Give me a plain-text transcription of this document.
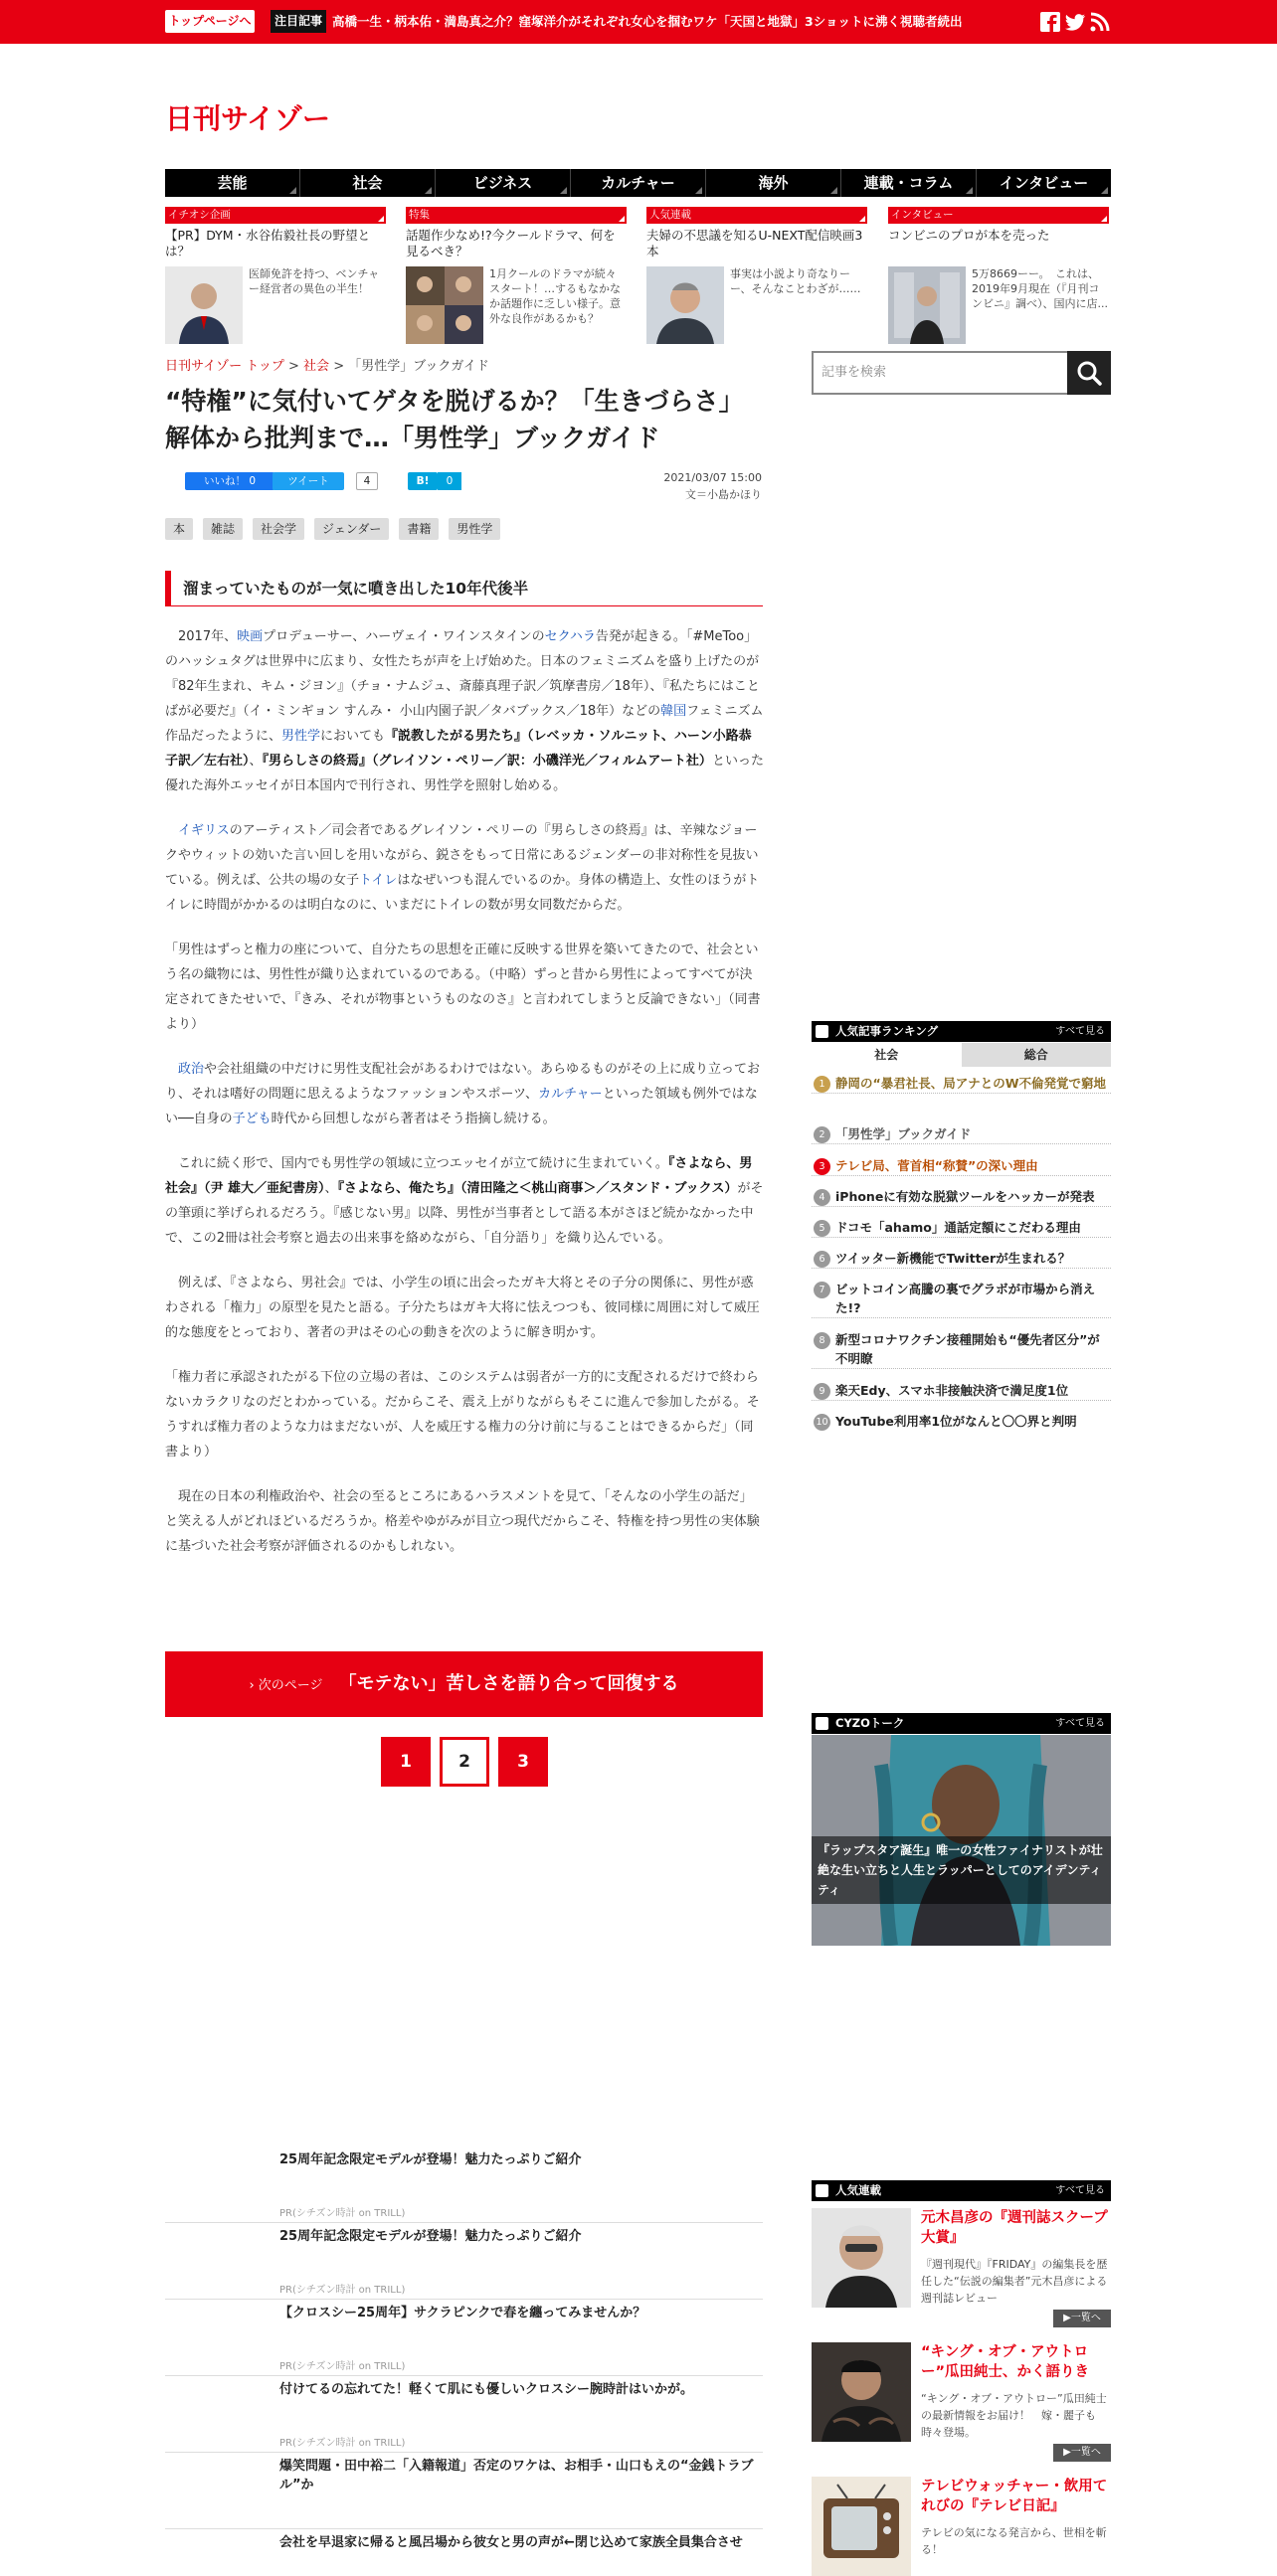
トップページへ	注目記事 高橋一生・柄本佑・満島真之介？窪塚洋介がそれぞれ女心を掴むワケ「天国と地獄」3ショットに沸く視聴者続出
日刊サイゾー
芸能	社会	ビジネス	カルチャー	海外	連載・コラム	インタビュー
イチオシ企画
【PR】DYM・水谷佑毅社長の野望とは？
医師免許を持つ、ベンチャー経営者の異色の半生！
特集
話題作少なめ!?今クールドラマ、何を見るべき？
1月クールのドラマが続々スタート！…するもなかなか話題作に乏しい様子。意外な良作があるかも？
人気連載
夫婦の不思議を知るU-NEXT配信映画3本
事実は小説より奇なりーー、そんなことわざが……
インタビュー
コンビニのプロが本を売った
5万8669ーー。　これは、2019年9月現在（『月刊コンビニ』調べ）、国内に店...
日刊サイゾー トップ > 社会 > 「男性学」ブックガイド
“特権”に気付いてゲタを脱げるか？「生きづらさ」解体から批判まで…「男性学」ブックガイド
いいね！ 0	ツイート	4	B!	0	2021/03/07 15:00
文＝小島かほり
本	雑誌	社会学	ジェンダー	書籍	男性学
溜まっていたものが一気に噴き出した10年代後半

2017年、映画プロデューサー、ハーヴェイ・ワインスタインのセクハラ告発が起きる。「#MeToo」のハッシュタグは世界中に広まり、女性たちが声を上げ始めた。日本のフェミニズムを盛り上げたのが『82年生まれ、キム・ジヨン』（チョ・ナムジュ、斎藤真理子訳／筑摩書房／18年）、『私たちにはことばが必要だ』（イ・ミンギョン すんみ・ 小山内園子訳／タバブックス／18年）などの韓国フェミニズム作品だったように、男性学においても『説教したがる男たち』（レベッカ・ソルニット、ハーン小路恭子訳／左右社）、『男らしさの終焉』（グレイソン・ペリー／訳：小磯洋光／フィルムアート社）といった優れた海外エッセイが日本国内で刊行され、男性学を照射し始める。

イギリスのアーティスト／司会者であるグレイソン・ペリーの『男らしさの終焉』は、辛辣なジョークやウィットの効いた言い回しを用いながら、鋭さをもって日常にあるジェンダーの非対称性を見抜いている。例えば、公共の場の女子トイレはなぜいつも混んでいるのか。身体の構造上、女性のほうがトイレに時間がかかるのは明白なのに、いまだにトイレの数が男女同数だからだ。

「男性はずっと権力の座について、自分たちの思想を正確に反映する世界を築いてきたので、社会という名の織物には、男性性が織り込まれているのである。（中略）ずっと昔から男性によってすべてが決定されてきたせいで、『きみ、それが物事というものなのさ』と言われてしまうと反論できない」（同書より）

政治や会社組織の中だけに男性支配社会があるわけではない。あらゆるものがその上に成り立っており、それは嗜好の問題に思えるようなファッションやスポーツ、カルチャーといった領域も例外ではない──自身の子ども時代から回想しながら著者はそう指摘し続ける。

これに続く形で、国内でも男性学の領域に立つエッセイが立て続けに生まれていく。『さよなら、男社会』（尹 雄大／亜紀書房）、『さよなら、俺たち』（清田隆之＜桃山商事＞／スタンド・ブックス）がその筆頭に挙げられるだろう。『感じない男』以降、男性が当事者として語る本がさほど続かなかった中で、この2冊は社会考察と過去の出来事を絡めながら、「自分語り」を織り込んでいる。

例えば、『さよなら、男社会』では、小学生の頃に出会ったガキ大将とその子分の関係に、男性が惑わされる「権力」の原型を見たと語る。子分たちはガキ大将に怯えつつも、彼同様に周囲に対して威圧的な態度をとっており、著者の尹はその心の動きを次のように解き明かす。

「権力者に承認されたがる下位の立場の者は、このシステムは弱者が一方的に支配されるだけで終わらないカラクリなのだとわかっている。だからこそ、震え上がりながらもそこに進んで参加したがる。そうすれば権力者のような力はまだないが、人を威圧する権力の分け前に与ることはできるからだ」（同書より）

現在の日本の利権政治や、社会の至るところにあるハラスメントを見て、「そんなの小学生の話だ」と笑える人がどれほどいるだろうか。格差やゆがみが目立つ現代だからこそ、特権を持つ男性の実体験に基づいた社会考察が評価されるのかもしれない。

› 次のページ 「モテない」苦しさを語り合って回復する
1	2	3
25周年記念限定モデルが登場！魅力たっぷりご紹介
PR(シチズン時計 on TRILL)
25周年記念限定モデルが登場！魅力たっぷりご紹介
PR(シチズン時計 on TRILL)
【クロスシー25周年】サクラピンクで春を纏ってみませんか？
PR(シチズン時計 on TRILL)
付けてるの忘れてた！軽くて肌にも優しいクロスシー腕時計はいかが。
PR(シチズン時計 on TRILL)
爆笑問題・田中裕二「入籍報道」否定のワケは、お相手・山口もえの“金銭トラブル”か
会社を早退家に帰ると風呂場から彼女と男の声が←閉じ込めて家族全員集合させ
記事を検索
人気記事ランキング	すべて見る
社会	総合
1 静岡の“暴君社長、局アナとのW不倫発覚で窮地
2 「男性学」ブックガイド
3 テレビ局、菅首相“称賛”の深い理由
4 iPhoneに有効な脱獄ツールをハッカーが発表
5 ドコモ「ahamo」通話定額にこだわる理由
6 ツイッター新機能でTwitterが生まれる？
7 ビットコイン高騰の裏でグラボが市場から消えた!?
8 新型コロナワクチン接種開始も“優先者区分”が不明瞭
9 楽天Edy、スマホ非接触決済で満足度1位
10 YouTube利用率1位がなんと〇〇界と判明
CYZOトーク	すべて見る
『ラップスタア誕生』唯一の女性ファイナリストが壮絶な生い立ちと人生とラッパーとしてのアイデンティティ
人気連載	すべて見る
元木昌彦の『週刊誌スクープ大賞』
『週刊現代』『FRIDAY』の編集長を歴任した“伝説の編集者”元木昌彦による週刊誌レビュー
▶一覧へ
“キング・オブ・アウトロー”瓜田純士、かく語りき
“キング・オブ・アウトロー”瓜田純士の最新情報をお届け！　嫁・麗子も時々登場。
▶一覧へ
テレビウォッチャー・飲用てれびの『テレビ日記』
テレビの気になる発言から、世相を斬る！
